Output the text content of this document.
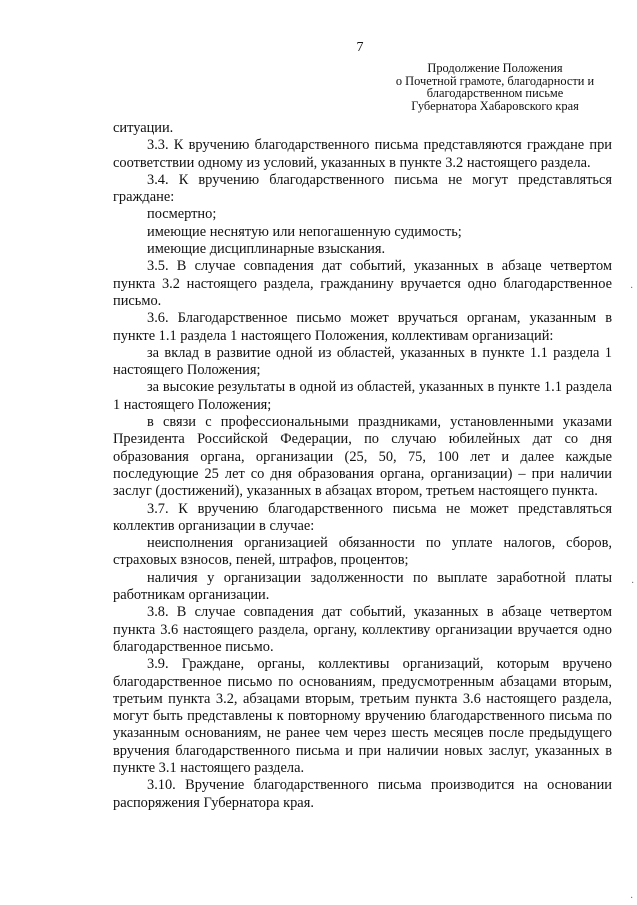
7
Продолжение Положения
о Почетной грамоте, благодарности и
благодарственном письме
Губернатора Хабаровского края

ситуации.

3.3. К вручению благодарственного письма представляются граждане при соответствии одному из условий, указанных в пункте 3.2 настоящего раздела.

3.4. К вручению благодарственного письма не могут представляться граждане:

посмертно;

имеющие неснятую или непогашенную судимость;

имеющие дисциплинарные взыскания.

3.5. В случае совпадения дат событий, указанных в абзаце четвертом пункта 3.2 настоящего раздела, гражданину вручается одно благодарственное письмо.

3.6. Благодарственное письмо может вручаться органам, указанным в пункте 1.1 раздела 1 настоящего Положения, коллективам организаций:

за вклад в развитие одной из областей, указанных в пункте 1.1 раздела 1 настоящего Положения;

за высокие результаты в одной из областей, указанных в пункте 1.1 раздела 1 настоящего Положения;

в связи с профессиональными праздниками, установленными указами Президента Российской Федерации, по случаю юбилейных дат со дня образования органа, организации (25, 50, 75, 100 лет и далее каждые последующие 25 лет со дня образования органа, организации) – при наличии заслуг (достижений), указанных в абзацах втором, третьем настоящего пункта.

3.7. К вручению благодарственного письма не может представляться коллектив организации в случае:

неисполнения организацией обязанности по уплате налогов, сборов, страховых взносов, пеней, штрафов, процентов;

наличия у организации задолженности по выплате заработной платы работникам организации.

3.8. В случае совпадения дат событий, указанных в абзаце четвертом пункта 3.6 настоящего раздела, органу, коллективу организации вручается одно благодарственное письмо.

3.9. Граждане, органы, коллективы организаций, которым вручено благодарственное письмо по основаниям, предусмотренным абзацами вторым, третьим пункта 3.2, абзацами вторым, третьим пункта 3.6 настоящего раздела, могут быть представлены к повторному вручению благодарственного письма по указанным основаниям, не ранее чем через шесть месяцев после предыдущего вручения благодарственного письма и при наличии новых заслуг, указанных в пункте 3.1 настоящего раздела.

3.10. Вручение благодарственного письма производится на основании распоряжения Губернатора края.

·
·
·
